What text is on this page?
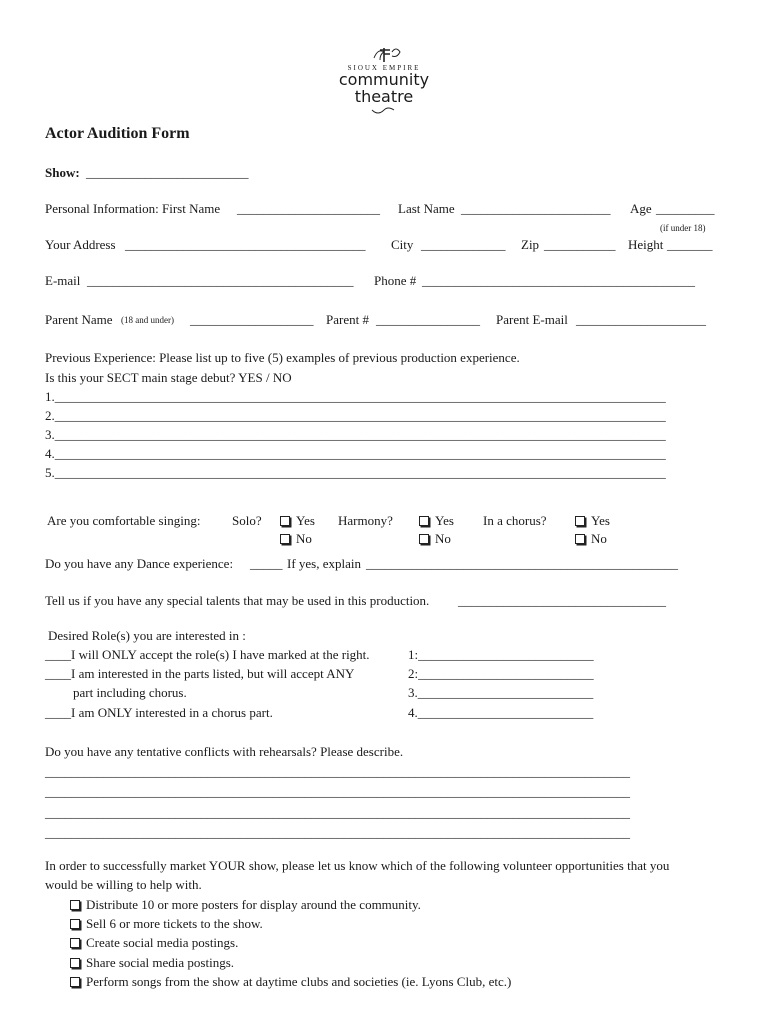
SIOUX EMPIRE
community
theatre
Actor Audition Form
Show: _________________________
Personal Information: First Name ______________________ Last Name _______________________ Age _________
(if under 18)
Your Address _____________________________________ City _____________ Zip ___________ Height _______
E-mail _________________________________________ Phone # __________________________________________
Parent Name (18 and under) ___________________ Parent # ________________ Parent E-mail ____________________
Previous Experience: Please list up to five (5) examples of previous production experience.
Is this your SECT main stage debut? YES / NO
1.______________________________________________________________________________________________
2.______________________________________________________________________________________________
3.______________________________________________________________________________________________
4.______________________________________________________________________________________________
5.______________________________________________________________________________________________
Are you comfortable singing: Solo?	Yes
No
Harmony?	Yes
No
In a chorus?	Yes
No
Do you have any Dance experience: _____ If yes, explain ________________________________________________
Tell us if you have any special talents that may be used in this production. ________________________________
Desired Role(s) you are interested in :
____I will ONLY accept the role(s) I have marked at the right.
____I am interested in the parts listed, but will accept ANY
part including chorus.
____I am ONLY interested in a chorus part.
1:___________________________
2:___________________________
3.___________________________
4.___________________________
Do you have any tentative conflicts with rehearsals? Please describe.
__________________________________________________________________________________________
__________________________________________________________________________________________
__________________________________________________________________________________________
__________________________________________________________________________________________
In order to successfully market YOUR show, please let us know which of the following volunteer opportunities that you
would be willing to help with.
Distribute 10 or more posters for display around the community.
Sell 6 or more tickets to the show.
Create social media postings.
Share social media postings.
Perform songs from the show at daytime clubs and societies (ie. Lyons Club, etc.)
